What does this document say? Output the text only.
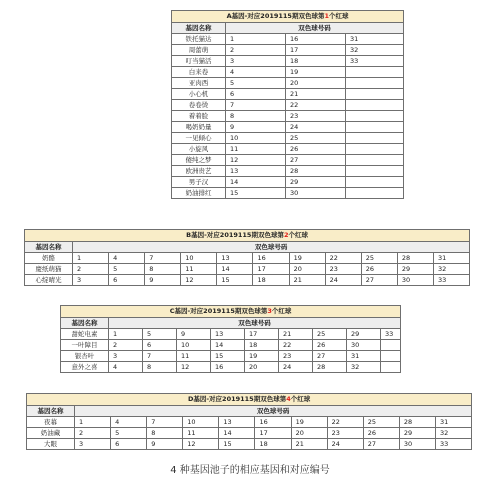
A基因-对应2019115期双色球第1个红球			
基因名称	双色球号码		
铁托猫达	1	16	31
周蕾萌	2	17	32
叮当猫活	3	18	33
白来卷	4	19	
亚肉西	5	20	
小心机	6	21	
卷卷烫	7	22	
着着脸	8	23	
喝奶奶量	9	24	
一见倾心	10	25	
小旋风	11	26	
傻纯之梦	12	27	
欧洲贵艺	13	28	
男子汉	14	29	
奶油排红	15	30	
B基因-对应2019115期双色球第2个红球											
基因名称	双色球号码										
奶酪	1	4	7	10	13	16	19	22	25	28	31
慶纸萌猫	2	5	8	11	14	17	20	23	26	29	32
心绽晴光	3	6	9	12	15	18	21	24	27	30	33
C基因-对应2019115期双色球第3个红球									
基因名称	双色球号码								
甜蛇电素	1	5	9	13	17	21	25	29	33
一叶障目	2	6	10	14	18	22	26	30	
银杏叶	3	7	11	15	19	23	27	31	
意外之喜	4	8	12	16	20	24	28	32	
D基因-对应2019115期双色球第4个红球											
基因名称	双色球号码										
夜幕	1	4	7	10	13	16	19	22	25	28	31
奶油藏	2	5	8	11	14	17	20	23	26	29	32
大眼	3	6	9	12	15	18	21	24	27	30	33
4 种基因池子的相应基因和对应编号
